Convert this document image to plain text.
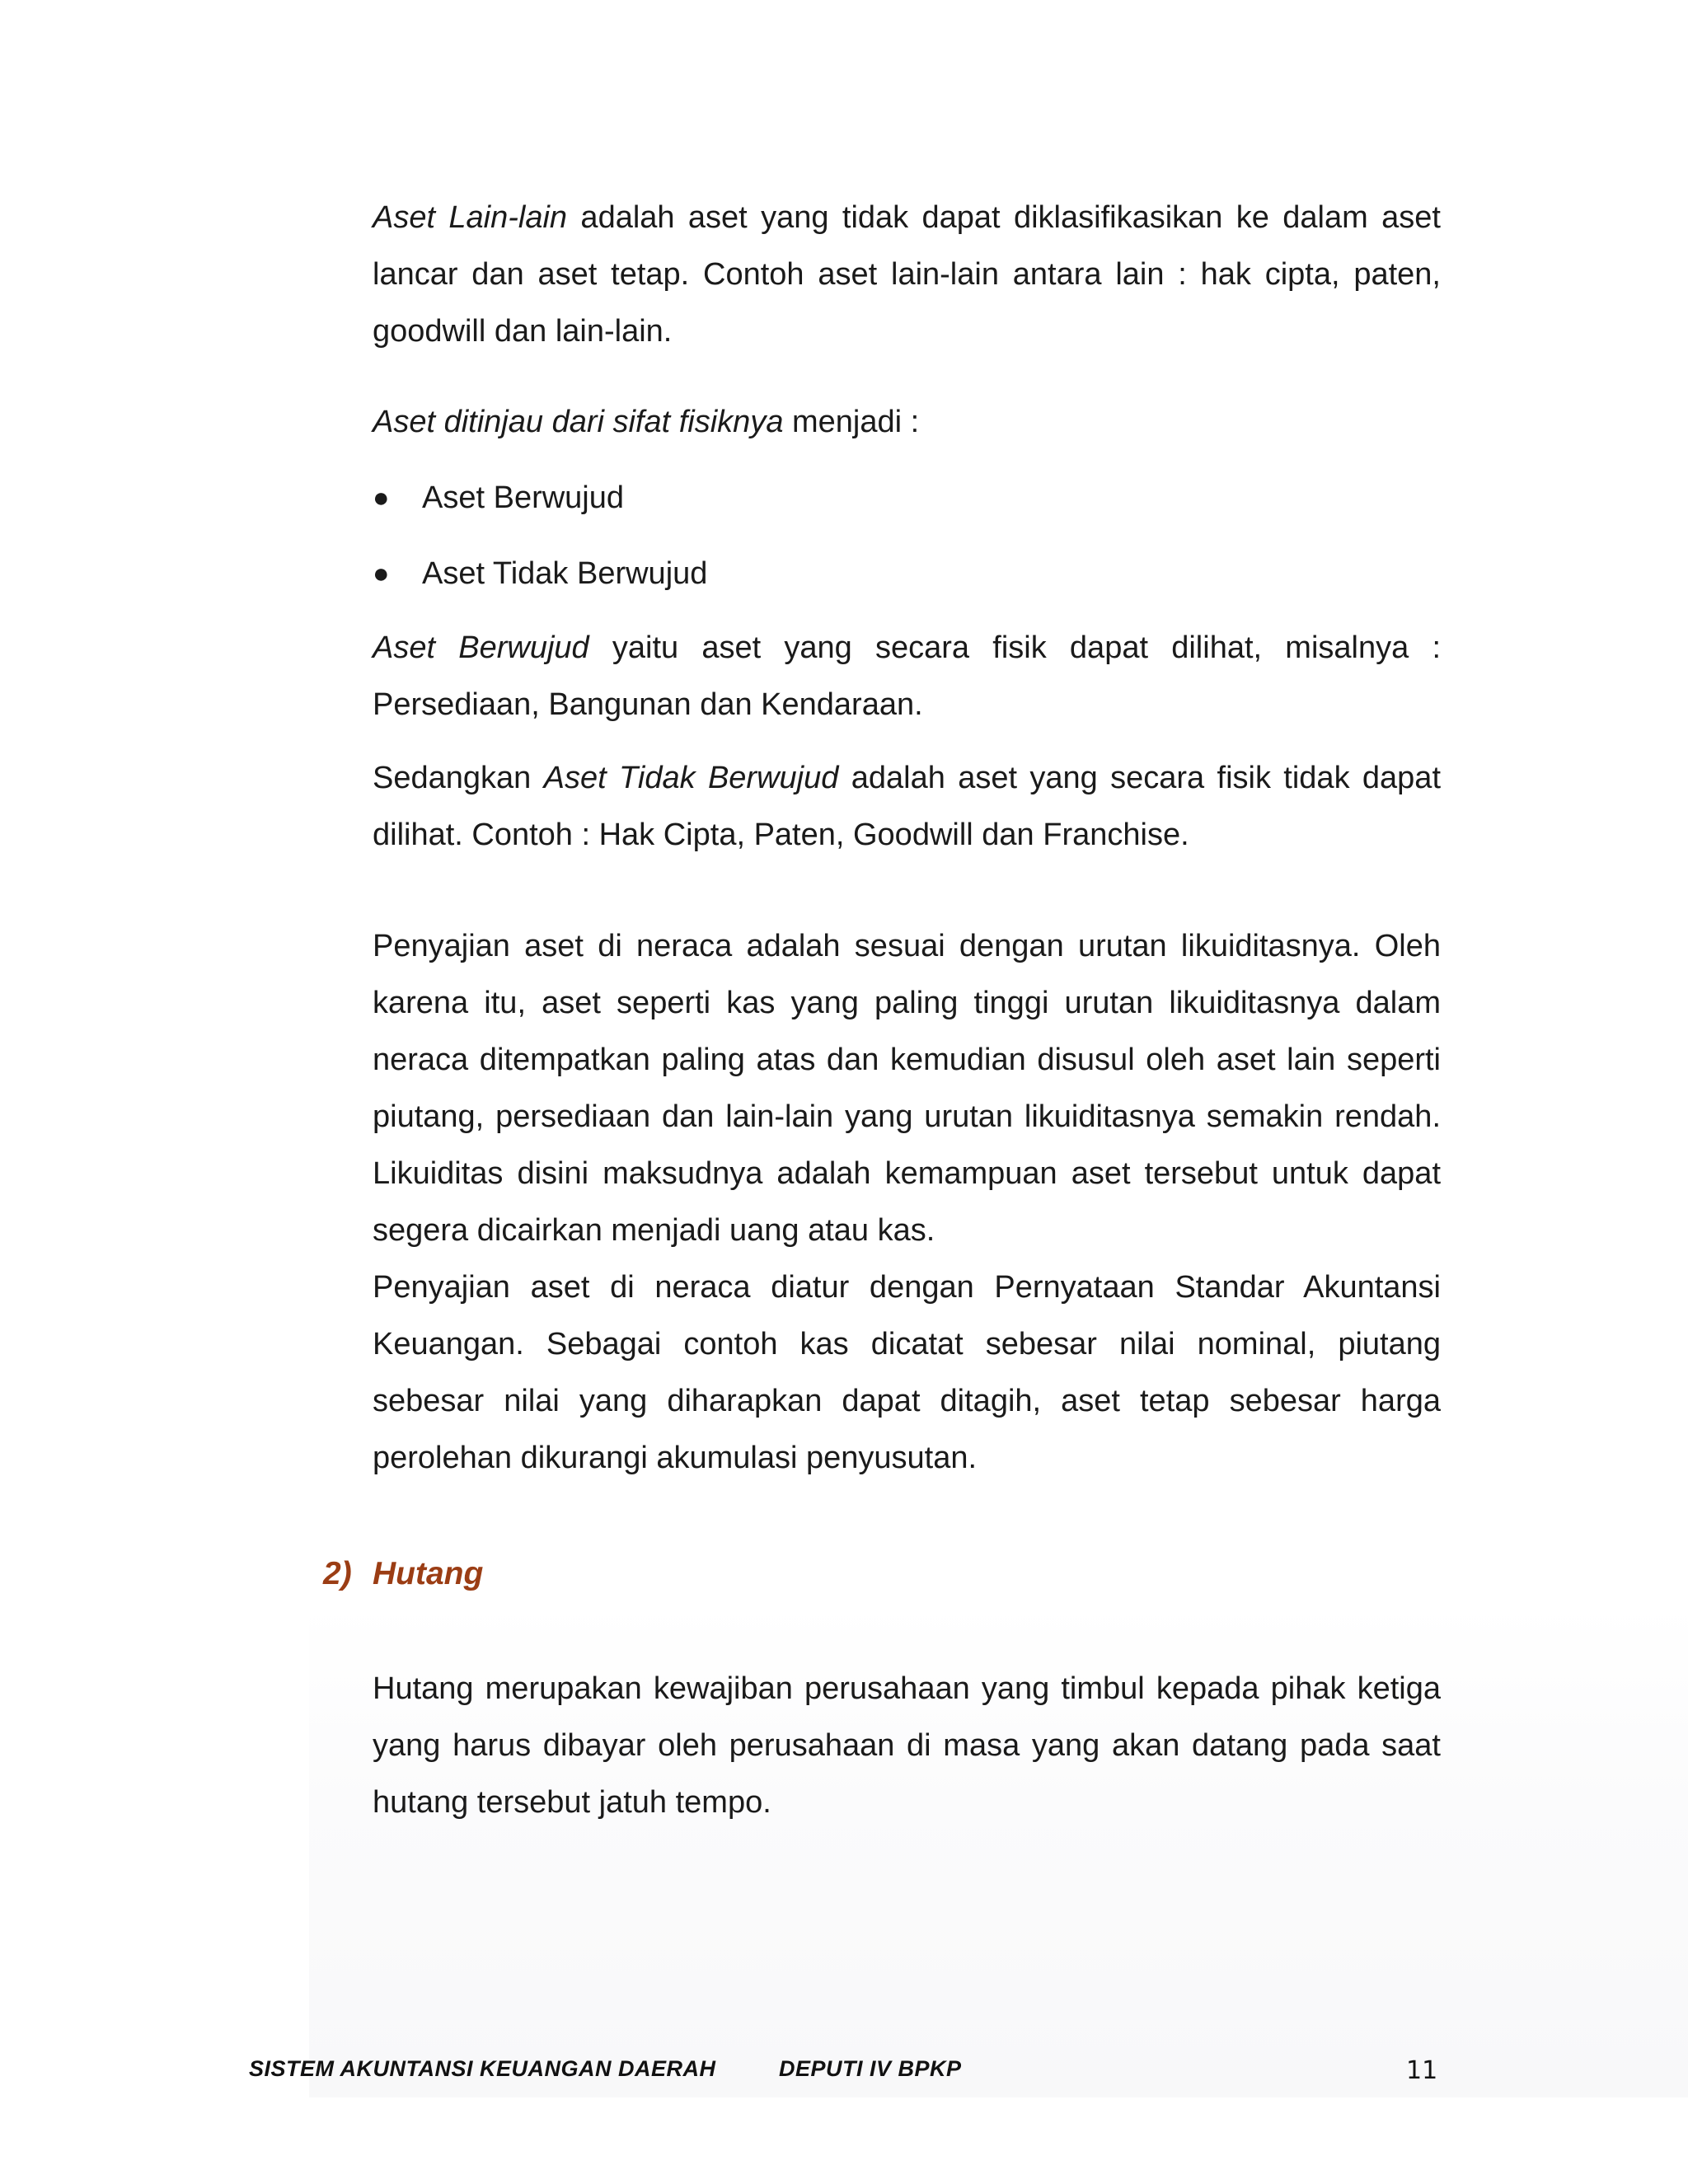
Aset Lain-lain adalah aset yang tidak dapat diklasifikasikan ke dalam aset lancar dan aset tetap. Contoh aset lain-lain antara lain : hak cipta, paten, goodwill dan lain-lain.

Aset ditinjau dari sifat fisiknya menjadi :

● Aset Berwujud
● Aset Tidak Berwujud

Aset Berwujud yaitu aset yang secara fisik dapat dilihat, misalnya : Persediaan, Bangunan dan Kendaraan.

Sedangkan Aset Tidak Berwujud adalah aset yang secara fisik tidak dapat dilihat. Contoh : Hak Cipta, Paten, Goodwill dan Franchise.

Penyajian aset di neraca adalah sesuai dengan urutan likuiditasnya. Oleh karena itu, aset seperti kas yang paling tinggi urutan likuiditasnya dalam neraca ditempatkan paling atas dan kemudian disusul oleh aset lain seperti piutang, persediaan dan lain-lain yang urutan likuiditasnya semakin rendah. Likuiditas disini maksudnya adalah kemampuan aset tersebut untuk dapat segera dicairkan menjadi uang atau kas.

Penyajian aset di neraca diatur dengan Pernyataan Standar Akuntansi Keuangan. Sebagai contoh kas dicatat sebesar nilai nominal, piutang sebesar nilai yang diharapkan dapat ditagih, aset tetap sebesar harga perolehan dikurangi akumulasi penyusutan.

Hutang merupakan kewajiban perusahaan yang timbul kepada pihak ketiga yang harus dibayar oleh perusahaan di masa yang akan datang pada saat hutang tersebut jatuh tempo.

2) Hutang
SISTEM AKUNTANSI KEUANGAN DAERAH	DEPUTI IV BPKP	11
